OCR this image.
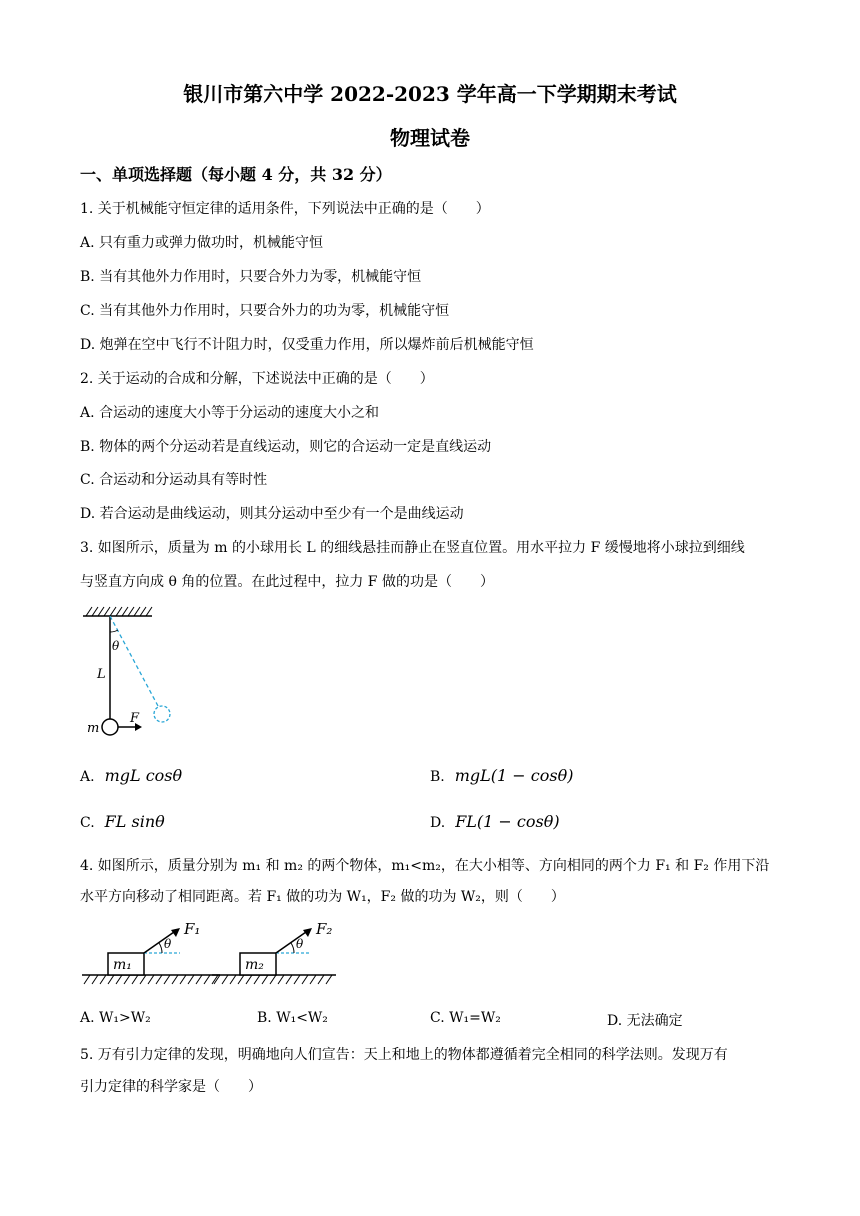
银川市第六中学 2022-2023 学年高一下学期期末考试
物理试卷
一、单项选择题（每小题 4 分，共 32 分）
1. 关于机械能守恒定律的适用条件，下列说法中正确的是（　　）
A. 只有重力或弹力做功时，机械能守恒
B. 当有其他外力作用时，只要合外力为零，机械能守恒
C. 当有其他外力作用时，只要合外力的功为零，机械能守恒
D. 炮弹在空中飞行不计阻力时，仅受重力作用，所以爆炸前后机械能守恒
2. 关于运动的合成和分解，下述说法中正确的是（　　）
A. 合运动的速度大小等于分运动的速度大小之和
B. 物体的两个分运动若是直线运动，则它的合运动一定是直线运动
C. 合运动和分运动具有等时性
D. 若合运动是曲线运动，则其分运动中至少有一个是曲线运动
3. 如图所示，质量为 m 的小球用长 L 的细线悬挂而静止在竖直位置。用水平拉力 F 缓慢地将小球拉到细线
与竖直方向成 θ 角的位置。在此过程中，拉力 F 做的功是（　　）
θ
L
m
F
A. mgL cosθ	B. mgL(1 − cosθ)
C. FL sinθ	D. FL(1 − cosθ)
4. 如图所示，质量分别为 m₁ 和 m₂ 的两个物体，m₁<m₂，在大小相等、方向相同的两个力 F₁ 和 F₂ 作用下沿
水平方向移动了相同距离。若 F₁ 做的功为 W₁，F₂ 做的功为 W₂，则（　　）
m₁
F₁
θ
m₂
F₂
θ
A. W₁>W₂	B. W₁<W₂	C. W₁=W₂	D. 无法确定
5. 万有引力定律的发现，明确地向人们宣告：天上和地上的物体都遵循着完全相同的科学法则。发现万有
引力定律的科学家是（　　）
